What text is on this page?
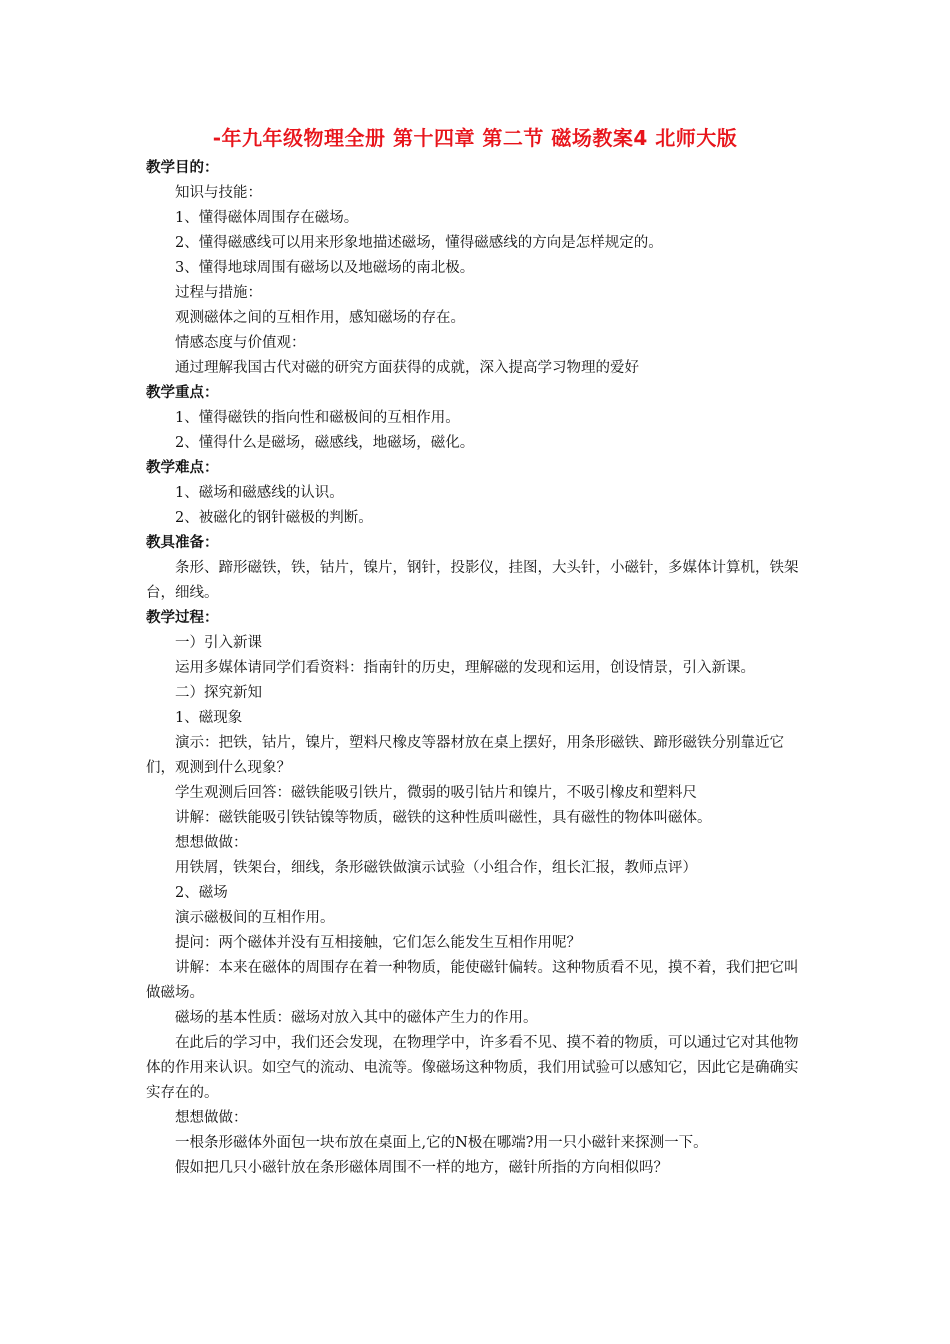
-年九年级物理全册 第十四章 第二节 磁场教案4 北师大版
教学目的：
知识与技能：
1、懂得磁体周围存在磁场。
2、懂得磁感线可以用来形象地描述磁场，懂得磁感线的方向是怎样规定的。
3、懂得地球周围有磁场以及地磁场的南北极。
过程与措施：
观测磁体之间的互相作用，感知磁场的存在。
情感态度与价值观：
通过理解我国古代对磁的研究方面获得的成就，深入提高学习物理的爱好
教学重点：
1、懂得磁铁的指向性和磁极间的互相作用。
2、懂得什么是磁场，磁感线，地磁场，磁化。
教学难点：
1、磁场和磁感线的认识。
2、被磁化的钢针磁极的判断。
教具准备：
条形、蹄形磁铁，铁，钴片，镍片，钢针，投影仪，挂图，大头针，小磁针，多媒体计算机，铁架台，细线。
教学过程：
一）引入新课
运用多媒体请同学们看资料：指南针的历史，理解磁的发现和运用，创设情景，引入新课。
二）探究新知
1、磁现象
演示：把铁，钴片，镍片，塑料尺橡皮等器材放在桌上摆好，用条形磁铁、蹄形磁铁分别靠近它们，观测到什么现象？
学生观测后回答：磁铁能吸引铁片，微弱的吸引钴片和镍片，不吸引橡皮和塑料尺
讲解：磁铁能吸引铁钴镍等物质，磁铁的这种性质叫磁性，具有磁性的物体叫磁体。
想想做做：
用铁屑，铁架台，细线，条形磁铁做演示试验（小组合作，组长汇报，教师点评）
2、磁场
演示磁极间的互相作用。
提问：两个磁体并没有互相接触，它们怎么能发生互相作用呢？
讲解：本来在磁体的周围存在着一种物质，能使磁针偏转。这种物质看不见，摸不着，我们把它叫做磁场。
磁场的基本性质：磁场对放入其中的磁体产生力的作用。
在此后的学习中，我们还会发现，在物理学中，许多看不见、摸不着的物质，可以通过它对其他物体的作用来认识。如空气的流动、电流等。像磁场这种物质，我们用试验可以感知它，因此它是确确实实存在的。
想想做做：
一根条形磁体外面包一块布放在桌面上,它的N极在哪端?用一只小磁针来探测一下。
假如把几只小磁针放在条形磁体周围不一样的地方，磁针所指的方向相似吗？
